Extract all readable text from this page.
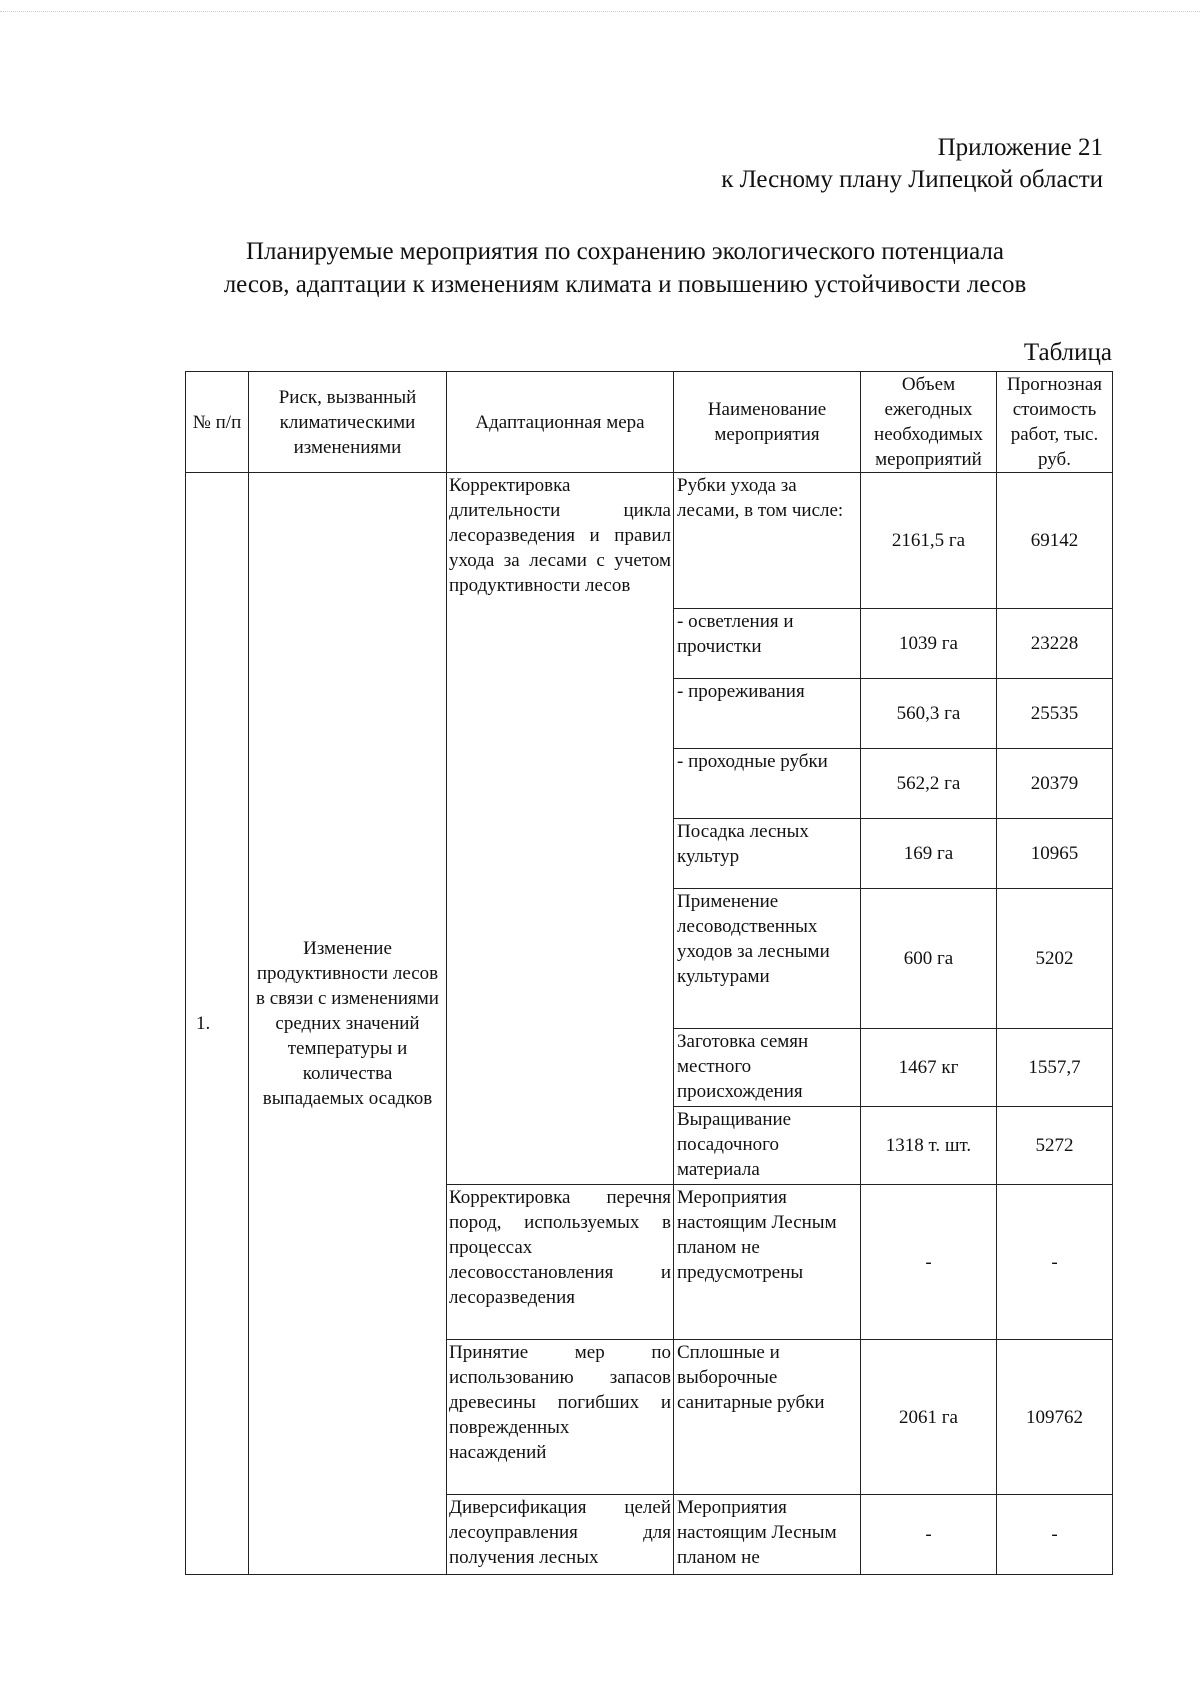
Приложение 21
к Лесному плану Липецкой области
Планируемые мероприятия по сохранению экологического потенциала
лесов, адаптации к изменениям климата и повышению устойчивости лесов
Таблица
№ п/п	Риск, вызванный климатическими изменениями	Адаптационная мера	Наименование мероприятия	Объем ежегодных необходимых мероприятий	Прогнозная стоимость работ, тыс. руб.
1.	Изменение продуктивности лесов в связи с изменениями средних значений температуры и количества выпадаемых осадков	Корректировка длительности цикла лесоразведения и правил ухода за лесами с учетом продуктивности лесов	Рубки ухода за лесами, в том числе:	2161,5 га	69142
			- осветления и прочистки	1039 га	23228
			- прореживания	560,3 га	25535
			- проходные рубки	562,2 га	20379
			Посадка лесных культур	169 га	10965
			Применение лесоводственных уходов за лесными культурами	600 га	5202
			Заготовка семян местного происхождения	1467 кг	1557,7
			Выращивание посадочного материала	1318 т. шт.	5272
		Корректировка перечня пород, используемых в процессах лесовосстановления и лесоразведения	Мероприятия настоящим Лесным планом не предусмотрены	-	-
		Принятие мер по использованию запасов древесины погибших и поврежденных насаждений	Сплошные и выборочные санитарные рубки	2061 га	109762
		Диверсификация целей лесоуправления для получения лесных	Мероприятия настоящим Лесным планом не	-	-
